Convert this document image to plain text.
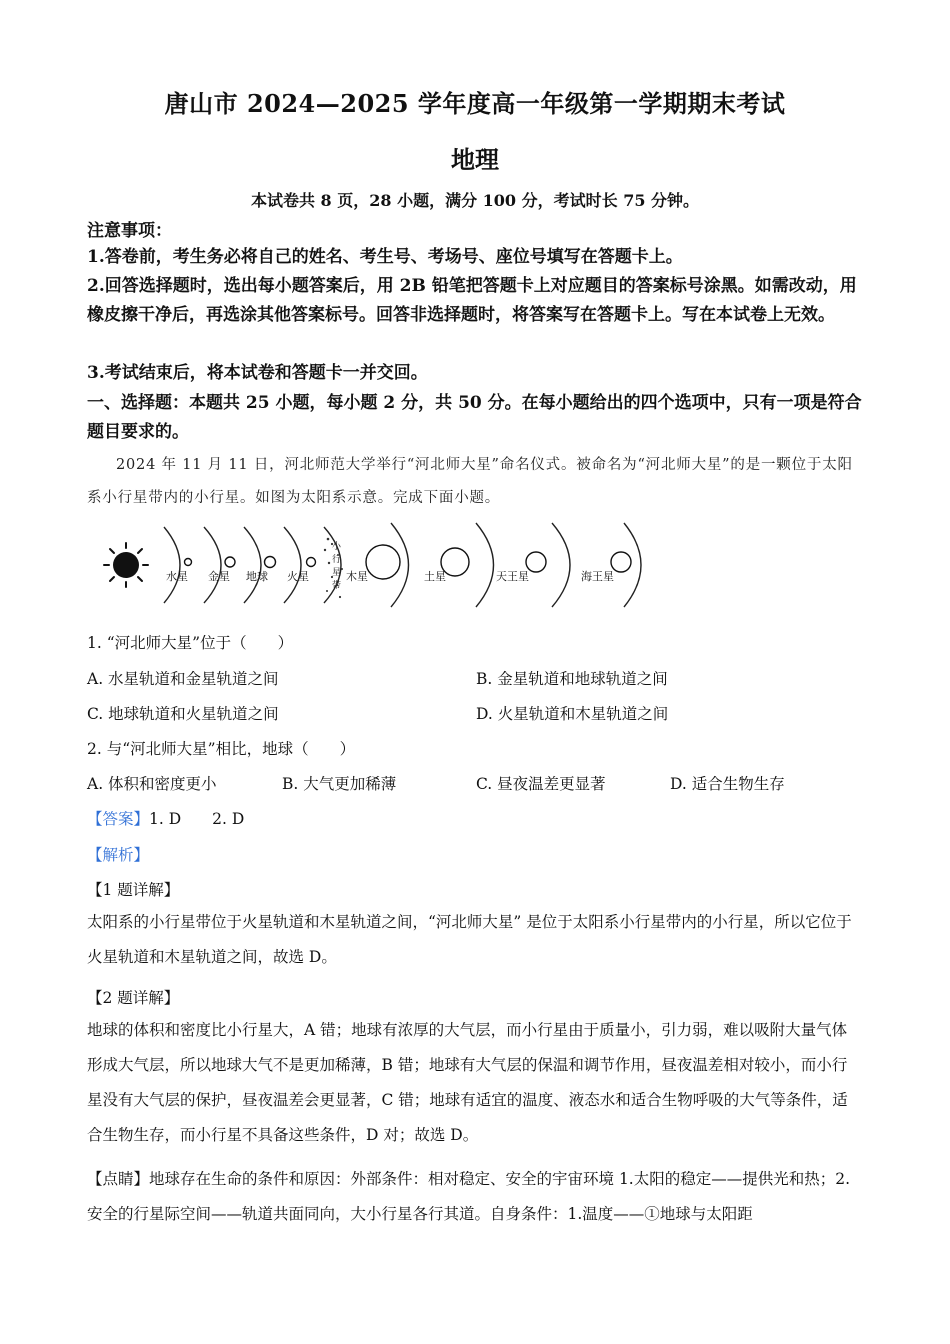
唐山市 2024—2025 学年度高一年级第一学期期末考试
地理
本试卷共 8 页，28 小题，满分 100 分，考试时长 75 分钟。
注意事项：
1.答卷前，考生务必将自己的姓名、考生号、考场号、座位号填写在答题卡上。
2.回答选择题时，选出每小题答案后，用 2B 铅笔把答题卡上对应题目的答案标号涂黑。如需改动，用橡皮擦干净后，再选涂其他答案标号。回答非选择题时，将答案写在答题卡上。写在本试卷上无效。
3.考试结束后，将本试卷和答题卡一并交回。
一、选择题：本题共 25 小题，每小题 2 分，共 50 分。在每小题给出的四个选项中，只有一项是符合题目要求的。
2024 年 11 月 11 日，河北师范大学举行“河北师大星”命名仪式。被命名为“河北师大星”的是一颗位于太阳系小行星带内的小行星。如图为太阳系示意。完成下面小题。
小
行
星
带
水星 金星 地球 火星	木星	土星	天王星	海王星
1. “河北师大星”位于（　　）
A. 水星轨道和金星轨道之间	B. 金星轨道和地球轨道之间
C. 地球轨道和火星轨道之间	D. 火星轨道和木星轨道之间
2. 与“河北师大星”相比，地球（　　）
A. 体积和密度更小	B. 大气更加稀薄	C. 昼夜温差更显著	D. 适合生物生存
【答案】1. D　　2. D
【解析】
【1 题详解】
太阳系的小行星带位于火星轨道和木星轨道之间，“河北师大星” 是位于太阳系小行星带内的小行星，所以它位于火星轨道和木星轨道之间，故选 D。
【2 题详解】
地球的体积和密度比小行星大，A 错；地球有浓厚的大气层，而小行星由于质量小，引力弱，难以吸附大量气体形成大气层，所以地球大气不是更加稀薄，B 错；地球有大气层的保温和调节作用，昼夜温差相对较小，而小行星没有大气层的保护，昼夜温差会更显著，C 错；地球有适宜的温度、液态水和适合生物呼吸的大气等条件，适合生物生存，而小行星不具备这些条件，D 对；故选 D。
【点睛】地球存在生命的条件和原因：外部条件：相对稳定、安全的宇宙环境 1.太阳的稳定——提供光和热；2.安全的行星际空间——轨道共面同向，大小行星各行其道。自身条件：1.温度——①地球与太阳距
